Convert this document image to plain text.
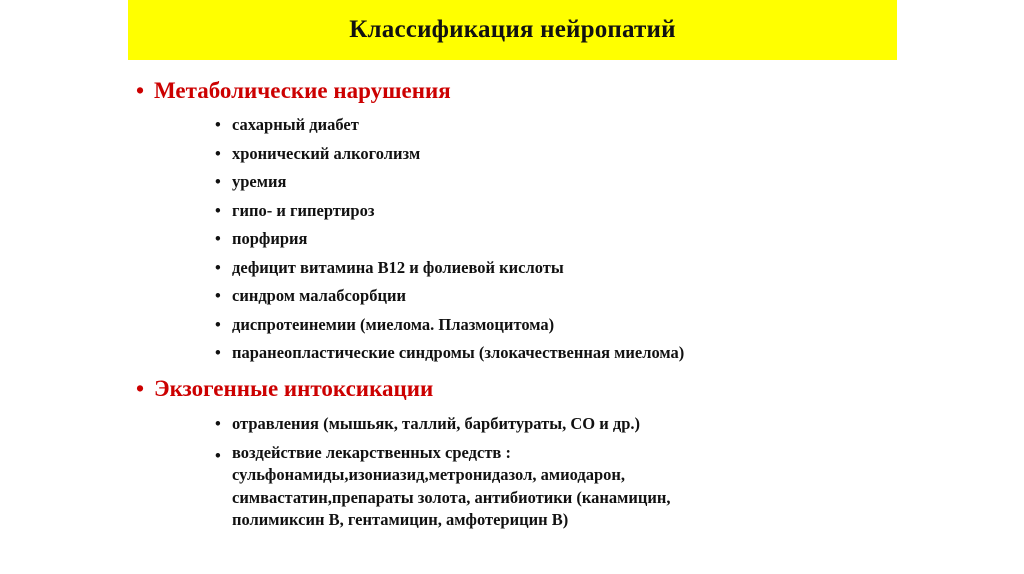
Классификация нейропатий
• Метаболические нарушения
• сахарный диабет
• хронический алкоголизм
• уремия
• гипо- и гипертироз
• порфирия
• дефицит витамина В12 и фолиевой кислоты
• синдром малабсорбции
• диспротеинемии (миелома. Плазмоцитома)
• паранеопластические синдромы (злокачественная миелома)
• Экзогенные интоксикации
• отравления (мышьяк, таллий, барбитураты, СО и др.)
• воздействие лекарственных средств :
сульфонамиды,изониазид,метронидазол, амиодарон,
симвастатин,препараты золота, антибиотики (канамицин,
полимиксин В, гентамицин, амфотерицин В)
